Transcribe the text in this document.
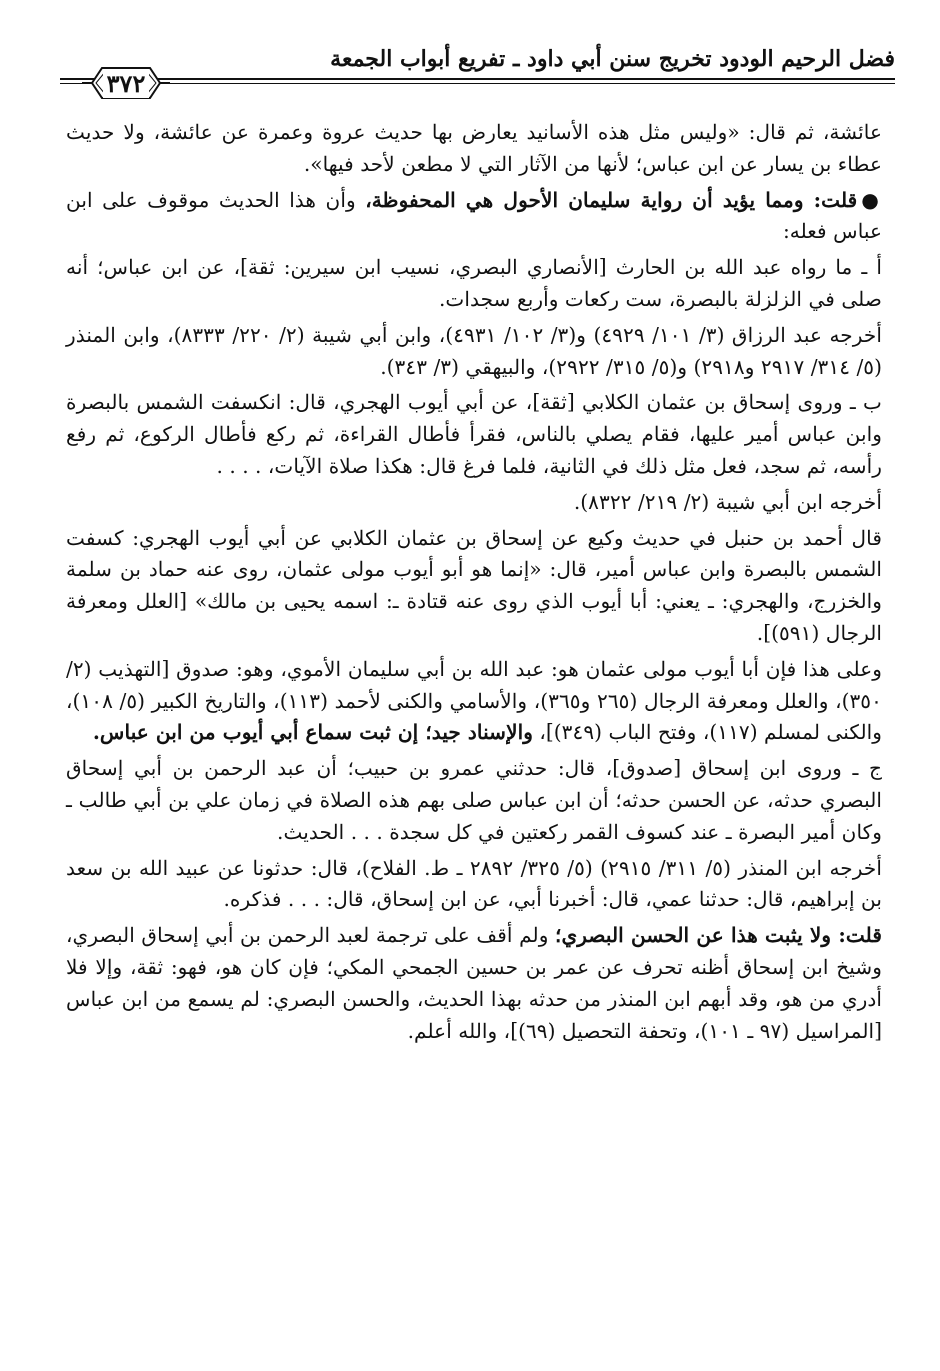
فضل الرحيم الودود تخريج سنن أبي داود ـ تفريع أبواب الجمعة
٣٧٢

عائشة، ثم قال: «وليس مثل هذه الأسانيد يعارض بها حديث عروة وعمرة عن عائشة، ولا حديث عطاء بن يسار عن ابن عباس؛ لأنها من الآثار التي لا مطعن لأحد فيها».

●قلت: ومما يؤيد أن رواية سليمان الأحول هي المحفوظة، وأن هذا الحديث موقوف على ابن عباس فعله:

أ ـ ما رواه عبد الله بن الحارث [الأنصاري البصري، نسيب ابن سيرين: ثقة]، عن ابن عباس؛ أنه صلى في الزلزلة بالبصرة، ست ركعات وأربع سجدات.

أخرجه عبد الرزاق (٣/ ١٠١/ ٤٩٢٩) و(٣/ ١٠٢/ ٤٩٣١)، وابن أبي شيبة (٢/ ٢٢٠/ ٨٣٣٣)، وابن المنذر (٥/ ٣١٤/ ٢٩١٧ و٢٩١٨) و(٥/ ٣١٥/ ٢٩٢٢)، والبيهقي (٣/ ٣٤٣).

ب ـ وروى إسحاق بن عثمان الكلابي [ثقة]، عن أبي أيوب الهجري، قال: انكسفت الشمس بالبصرة وابن عباس أمير عليها، فقام يصلي بالناس، فقرأ فأطال القراءة، ثم ركع فأطال الركوع، ثم رفع رأسه، ثم سجد، فعل مثل ذلك في الثانية، فلما فرغ قال: هكذا صلاة الآيات، . . . .

أخرجه ابن أبي شيبة (٢/ ٢١٩/ ٨٣٢٢).

قال أحمد بن حنبل في حديث وكيع عن إسحاق بن عثمان الكلابي عن أبي أيوب الهجري: كسفت الشمس بالبصرة وابن عباس أمير، قال: «إنما هو أبو أيوب مولى عثمان، روى عنه حماد بن سلمة والخزرج، والهجري: ـ يعني: أبا أيوب الذي روى عنه قتادة ـ: اسمه يحيى بن مالك» [العلل ومعرفة الرجال (٥٩١)].

وعلى هذا فإن أبا أيوب مولى عثمان هو: عبد الله بن أبي سليمان الأموي، وهو: صدوق [التهذيب (٢/ ٣٥٠)، والعلل ومعرفة الرجال (٢٦٥ و٣٦٥)، والأسامي والكنى لأحمد (١١٣)، والتاريخ الكبير (٥/ ١٠٨)، والكنى لمسلم (١١٧)، وفتح الباب (٣٤٩)]، والإسناد جيد؛ إن ثبت سماع أبي أيوب من ابن عباس.

ج ـ وروى ابن إسحاق [صدوق]، قال: حدثني عمرو بن حبيب؛ أن عبد الرحمن بن أبي إسحاق البصري حدثه، عن الحسن حدثه؛ أن ابن عباس صلى بهم هذه الصلاة في زمان علي بن أبي طالب ـ وكان أمير البصرة ـ عند كسوف القمر ركعتين في كل سجدة . . . الحديث.

أخرجه ابن المنذر (٥/ ٣١١/ ٢٩١٥) (٥/ ٣٢٥/ ٢٨٩٢ ـ ط. الفلاح)، قال: حدثونا عن عبيد الله بن سعد بن إبراهيم، قال: حدثنا عمي، قال: أخبرنا أبي، عن ابن إسحاق، قال: . . . فذكره.

قلت: ولا يثبت هذا عن الحسن البصري؛ ولم أقف على ترجمة لعبد الرحمن بن أبي إسحاق البصري، وشيخ ابن إسحاق أظنه تحرف عن عمر بن حسين الجمحي المكي؛ فإن كان هو، فهو: ثقة، وإلا فلا أدري من هو، وقد أبهم ابن المنذر من حدثه بهذا الحديث، والحسن البصري: لم يسمع من ابن عباس [المراسيل (٩٧ ـ ١٠١)، وتحفة التحصيل (٦٩)]، والله أعلم.
